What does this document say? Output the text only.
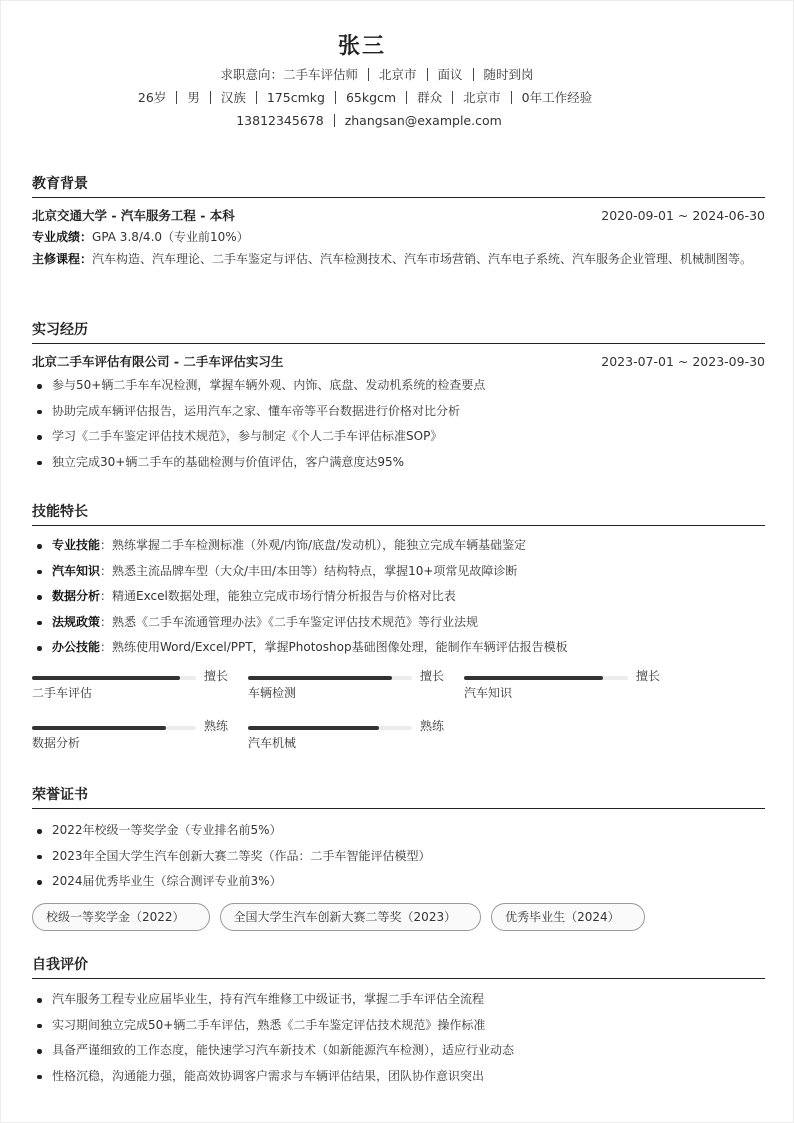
张三
求职意向：二手车评估师 北京市 面议 随时到岗
26岁 男 汉族 175cmkg 65kgcm 群众 北京市 0年工作经验
13812345678 zhangsan@example.com
教育背景
北京交通大学 - 汽车服务工程 - 本科	2020-09-01 ~ 2024-06-30
专业成绩：GPA 3.8/4.0（专业前10%）
主修课程：汽车构造、汽车理论、二手车鉴定与评估、汽车检测技术、汽车市场营销、汽车电子系统、汽车服务企业管理、机械制图等。
实习经历
北京二手车评估有限公司 - 二手车评估实习生	2023-07-01 ~ 2023-09-30
参与50+辆二手车车况检测，掌握车辆外观、内饰、底盘、发动机系统的检查要点
协助完成车辆评估报告，运用汽车之家、懂车帝等平台数据进行价格对比分析
学习《二手车鉴定评估技术规范》，参与制定《个人二手车评估标准SOP》
独立完成30+辆二手车的基础检测与价值评估，客户满意度达95%
技能特长
专业技能：熟练掌握二手车检测标准（外观/内饰/底盘/发动机），能独立完成车辆基础鉴定
汽车知识：熟悉主流品牌车型（大众/丰田/本田等）结构特点，掌握10+项常见故障诊断
数据分析：精通Excel数据处理，能独立完成市场行情分析报告与价格对比表
法规政策：熟悉《二手车流通管理办法》《二手车鉴定评估技术规范》等行业法规
办公技能：熟练使用Word/Excel/PPT，掌握Photoshop基础图像处理，能制作车辆评估报告模板
擅长
二手车评估
擅长
车辆检测
擅长
汽车知识
熟练
数据分析
熟练
汽车机械
荣誉证书
2022年校级一等奖学金（专业排名前5%）
2023年全国大学生汽车创新大赛二等奖（作品：二手车智能评估模型）
2024届优秀毕业生（综合测评专业前3%）
校级一等奖学金（2022）	全国大学生汽车创新大赛二等奖（2023）	优秀毕业生（2024）
自我评价
汽车服务工程专业应届毕业生，持有汽车维修工中级证书，掌握二手车评估全流程
实习期间独立完成50+辆二手车评估，熟悉《二手车鉴定评估技术规范》操作标准
具备严谨细致的工作态度，能快速学习汽车新技术（如新能源汽车检测），适应行业动态
性格沉稳，沟通能力强，能高效协调客户需求与车辆评估结果，团队协作意识突出
